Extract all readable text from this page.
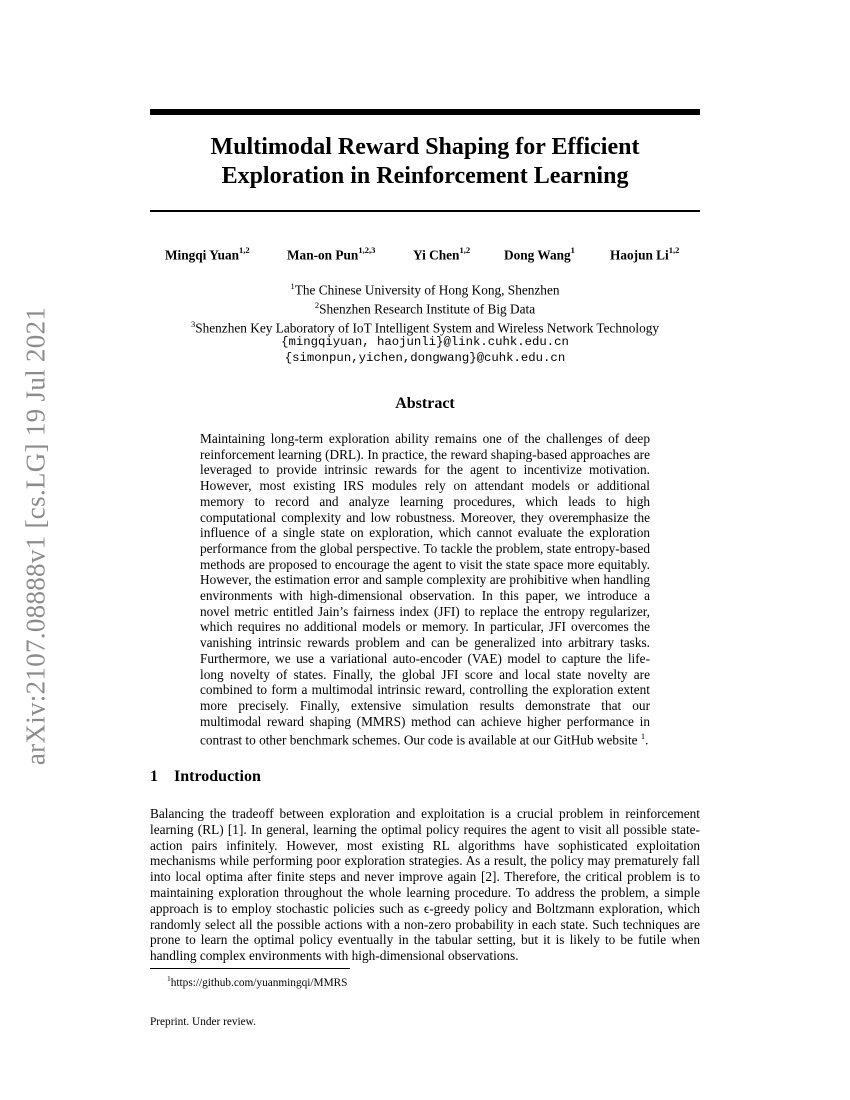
arXiv:2107.08888v1 [cs.LG] 19 Jul 2021
Multimodal Reward Shaping for Efficient
Exploration in Reinforcement Learning
Mingqi Yuan$^{1,2}$	Man-on Pun$^{1,2,3}$	Yi Chen$^{1,2}$	Dong Wang$^1$	Haojun Li$^{1,2}$
$^1$The Chinese University of Hong Kong, Shenzhen
$^2$Shenzhen Research Institute of Big Data
$^3$Shenzhen Key Laboratory of IoT Intelligent System and Wireless Network Technology
{mingqiyuan, haojunli}@link.cuhk.edu.cn
{simonpun,yichen,dongwang}@cuhk.edu.cn
Abstract
Maintaining long-term exploration ability remains one of the challenges of deep reinforcement learning (DRL). In practice, the reward shaping-based approaches are leveraged to provide intrinsic rewards for the agent to incentivize motivation. However, most existing IRS modules rely on attendant models or additional memory to record and analyze learning procedures, which leads to high computational complexity and low robustness. Moreover, they overemphasize the influence of a single state on exploration, which cannot evaluate the exploration performance from the global perspective. To tackle the problem, state entropy-based methods are proposed to encourage the agent to visit the state space more equitably. However, the estimation error and sample complexity are prohibitive when handling environments with high-dimensional observation. In this paper, we introduce a novel metric entitled Jain’s fairness index (JFI) to replace the entropy regularizer, which requires no additional models or memory. In particular, JFI overcomes the vanishing intrinsic rewards problem and can be generalized into arbitrary tasks. Furthermore, we use a variational auto-encoder (VAE) model to capture the life-long novelty of states. Finally, the global JFI score and local state novelty are combined to form a multimodal intrinsic reward, controlling the exploration extent more precisely. Finally, extensive simulation results demonstrate that our multimodal reward shaping (MMRS) method can achieve higher performance in contrast to other benchmark schemes. Our code is available at our GitHub website $^1$.
1 Introduction
Balancing the tradeoff between exploration and exploitation is a crucial problem in reinforcement learning (RL) [1]. In general, learning the optimal policy requires the agent to visit all possible state-action pairs infinitely. However, most existing RL algorithms have sophisticated exploitation mechanisms while performing poor exploration strategies. As a result, the policy may prematurely fall into local optima after finite steps and never improve again [2]. Therefore, the critical problem is to maintaining exploration throughout the whole learning procedure. To address the problem, a simple approach is to employ stochastic policies such as ϵ-greedy policy and Boltzmann exploration, which randomly select all the possible actions with a non-zero probability in each state. Such techniques are prone to learn the optimal policy eventually in the tabular setting, but it is likely to be futile when handling complex environments with high-dimensional observations.
$^1$https://github.com/yuanmingqi/MMRS
Preprint. Under review.
